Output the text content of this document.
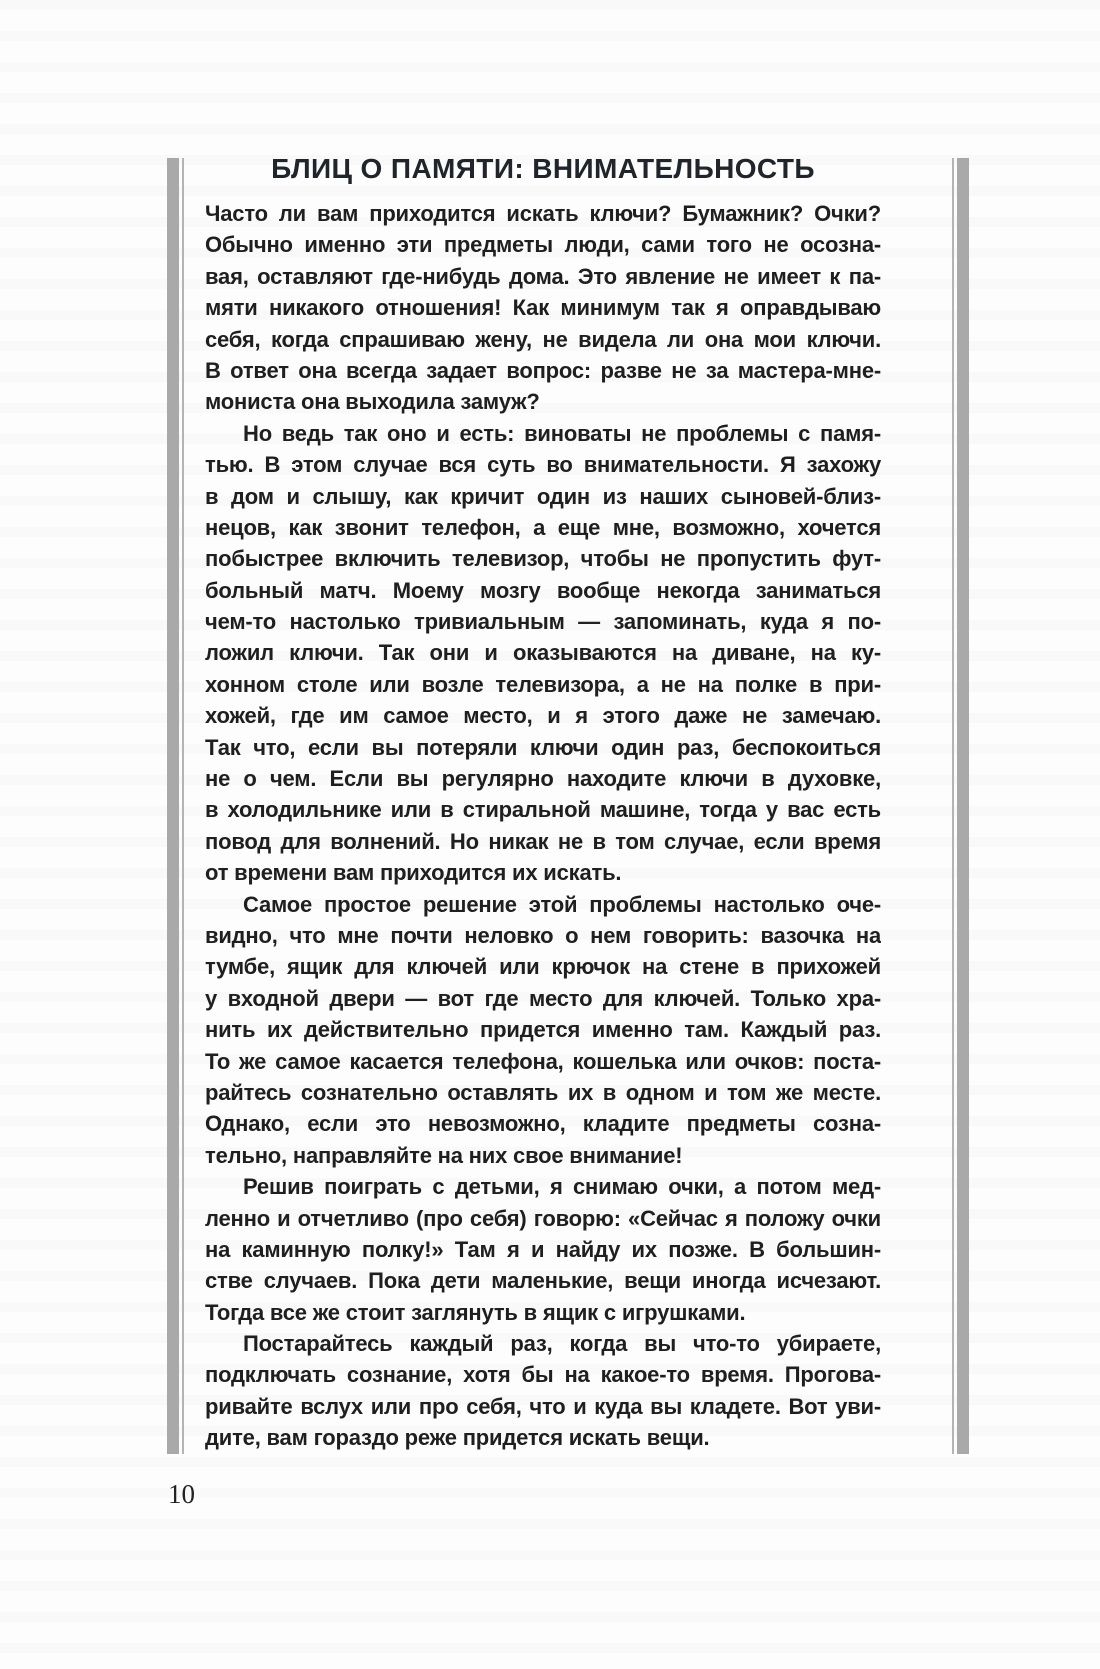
БЛИЦ О ПАМЯТИ: ВНИМАТЕЛЬНОСТЬ
Часто ли вам приходится искать ключи? Бумажник? Очки?
Обычно именно эти предметы люди, сами того не осозна-
вая, оставляют где-нибудь дома. Это явление не имеет к па-
мяти никакого отношения! Как минимум так я оправдываю
себя, когда спрашиваю жену, не видела ли она мои ключи.
В ответ она всегда задает вопрос: разве не за мастера-мне-
мониста она выходила замуж?
Но ведь так оно и есть: виноваты не проблемы с памя-
тью. В этом случае вся суть во внимательности. Я захожу
в дом и слышу, как кричит один из наших сыновей-близ-
нецов, как звонит телефон, а еще мне, возможно, хочется
побыстрее включить телевизор, чтобы не пропустить фут-
больный матч. Моему мозгу вообще некогда заниматься
чем-то настолько тривиальным — запоминать, куда я по-
ложил ключи. Так они и оказываются на диване, на ку-
хонном столе или возле телевизора, а не на полке в при-
хожей, где им самое место, и я этого даже не замечаю.
Так что, если вы потеряли ключи один раз, беспокоиться
не о чем. Если вы регулярно находите ключи в духовке,
в холодильнике или в стиральной машине, тогда у вас есть
повод для волнений. Но никак не в том случае, если время
от времени вам приходится их искать.
Самое простое решение этой проблемы настолько оче-
видно, что мне почти неловко о нем говорить: вазочка на
тумбе, ящик для ключей или крючок на стене в прихожей
у входной двери — вот где место для ключей. Только хра-
нить их действительно придется именно там. Каждый раз.
То же самое касается телефона, кошелька или очков: поста-
райтесь сознательно оставлять их в одном и том же месте.
Однако, если это невозможно, кладите предметы созна-
тельно, направляйте на них свое внимание!
Решив поиграть с детьми, я снимаю очки, а потом мед-
ленно и отчетливо (про себя) говорю: «Сейчас я положу очки
на каминную полку!» Там я и найду их позже. В большин-
стве случаев. Пока дети маленькие, вещи иногда исчезают.
Тогда все же стоит заглянуть в ящик с игрушками.
Постарайтесь каждый раз, когда вы что-то убираете,
подключать сознание, хотя бы на какое-то время. Прогова-
ривайте вслух или про себя, что и куда вы кладете. Вот уви-
дите, вам гораздо реже придется искать вещи.
10
